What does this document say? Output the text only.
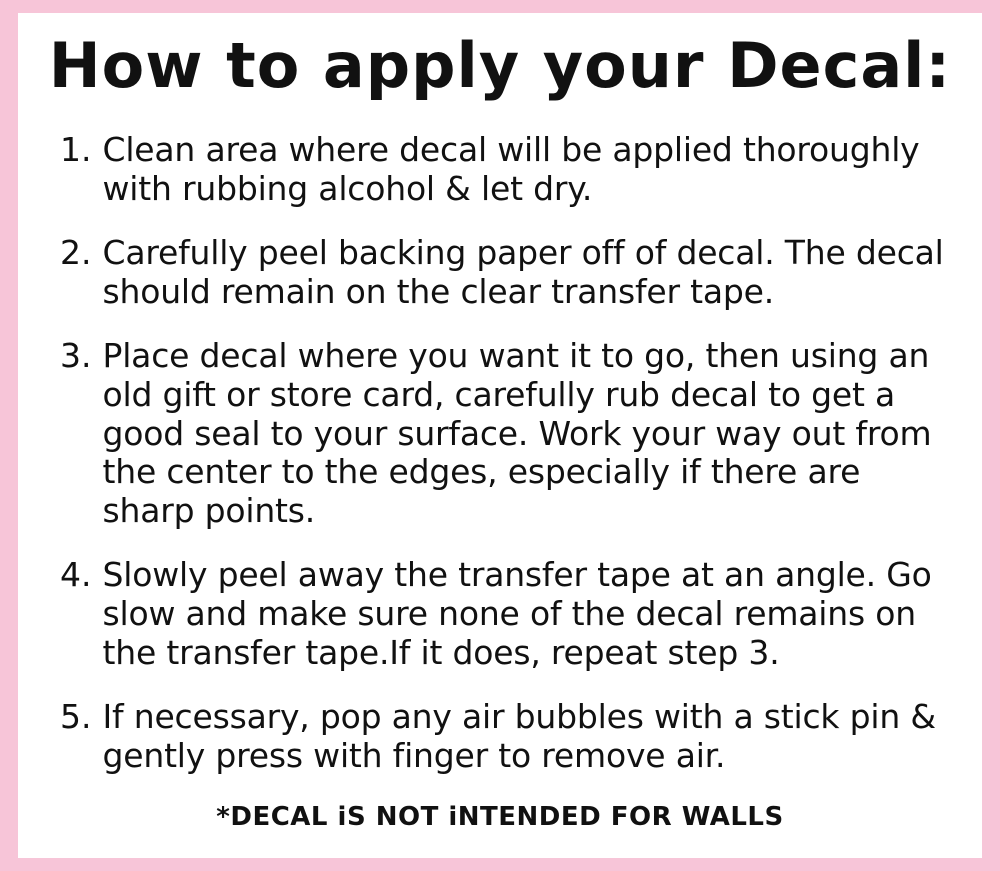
How to apply your Decal:
1. Clean area where decal will be applied thoroughly with rubbing alcohol & let dry.
2. Carefully peel backing paper off of decal. The decal should remain on the clear transfer tape.
3. Place decal where you want it to go, then using an old gift or store card, carefully rub decal to get a good seal to your surface. Work your way out from the center to the edges, especially if there are sharp points.
4. Slowly peel away the transfer tape at an angle. Go slow and make sure none of the decal remains on the transfer tape.If it does, repeat step 3.
5. If necessary, pop any air bubbles with a stick pin & gently press with finger to remove air.
*DECAL iS NOT iNTENDED FOR WALLS
